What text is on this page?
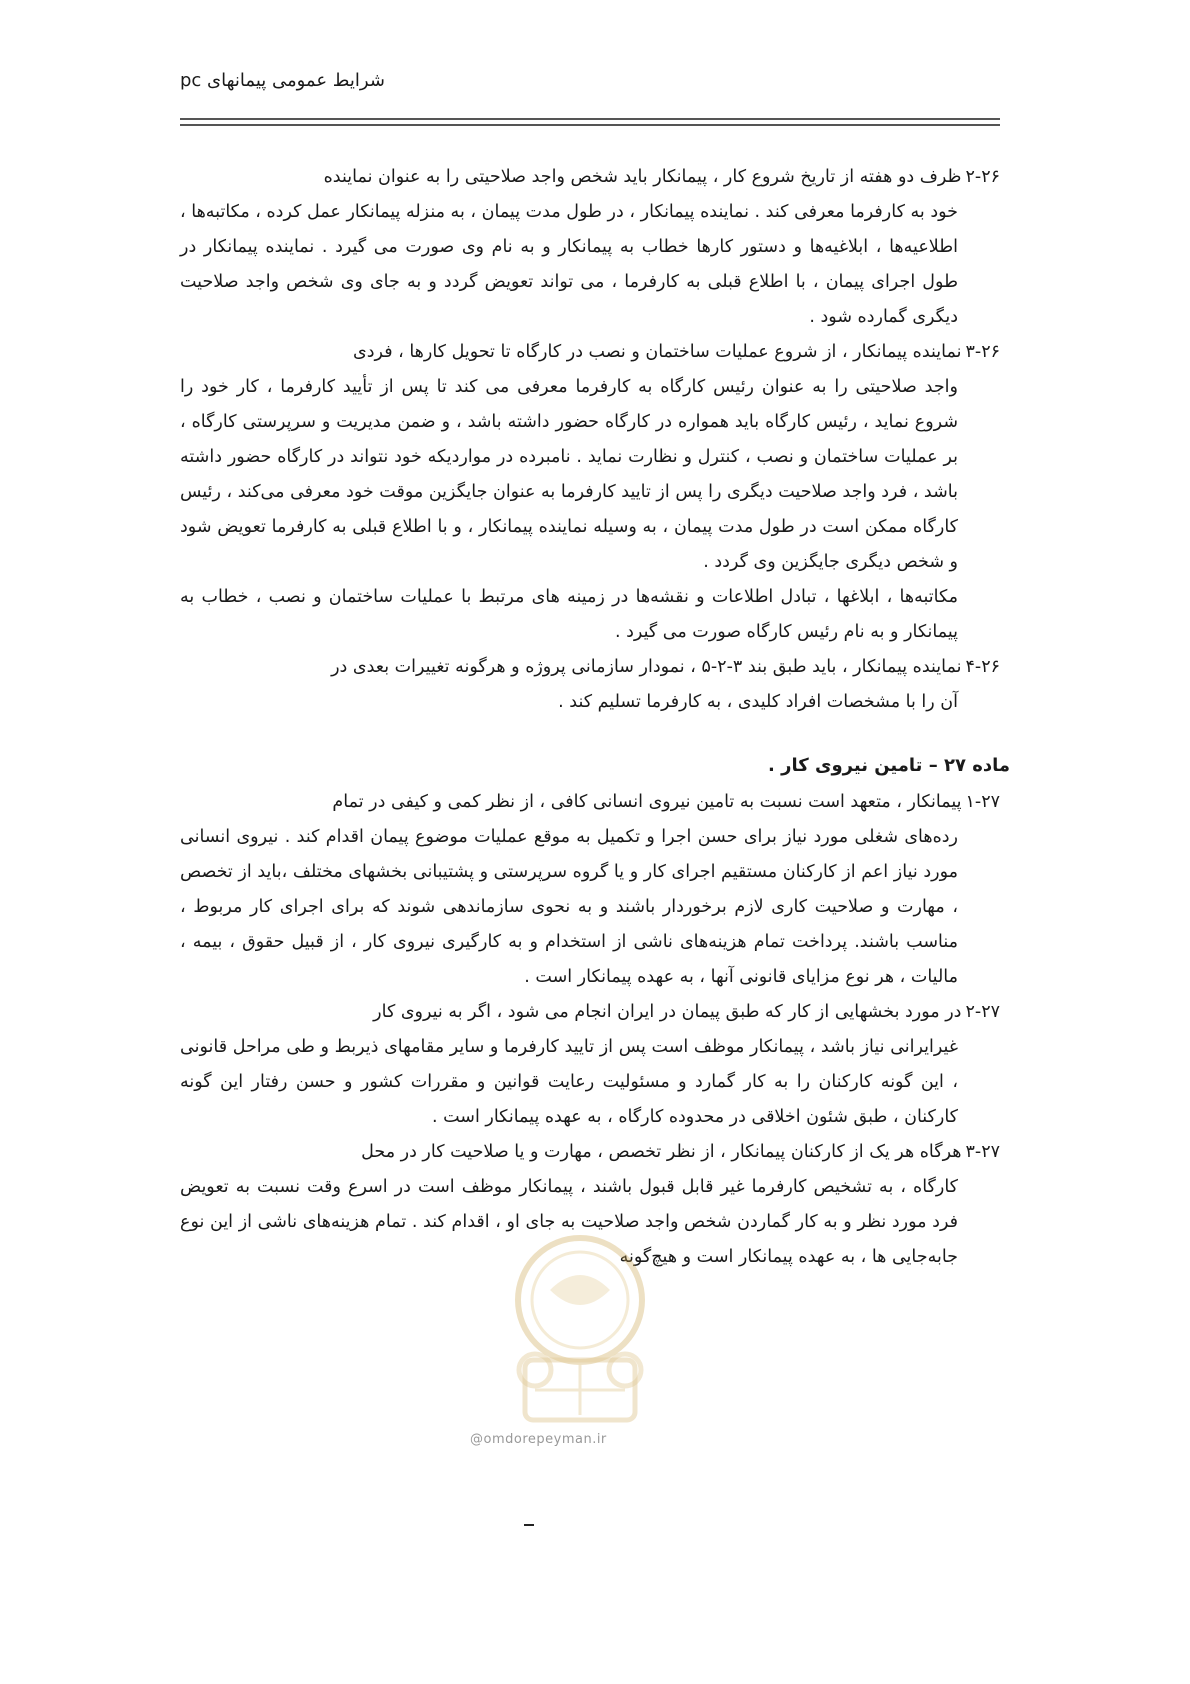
شرایط عمومی پیمانهای pc
۲-۲۶
ظرف دو هفته از تاریخ شروع کار ، پیمانکار باید شخص واجد صلاحیتی را به عنوان نماینده
خود به کارفرما معرفی کند . نماینده پیمانکار ، در طول مدت پیمان ، به منزله پیمانکار عمل کرده ، مکاتبه‌ها ، اطلاعیه‌ها ، ابلاغیه‌ها و دستور کارها خطاب به پیمانکار و به نام وی صورت می گیرد . نماینده پیمانکار در طول اجرای پیمان ، با اطلاع قبلی به کارفرما ، می تواند تعویض گردد و به جای وی شخص واجد صلاحیت دیگری گمارده شود .
۳-۲۶
نماینده پیمانکار ، از شروع عملیات ساختمان و نصب در کارگاه تا تحویل کارها ، فردی
واجد صلاحیتی را به عنوان رئیس کارگاه به کارفرما معرفی می کند تا پس از تأیید کارفرما ، کار خود را شروع نماید ، رئیس کارگاه باید همواره در کارگاه حضور داشته باشد ، و ضمن مدیریت و سرپرستی کارگاه ، بر عملیات ساختمان و نصب ، کنترل و نظارت نماید . نامبرده در مواردیکه خود نتواند در کارگاه حضور داشته باشد ، فرد واجد صلاحیت دیگری را پس از تایید کارفرما به عنوان جایگزین موقت خود معرفی می‌کند ، رئیس کارگاه ممکن است در طول مدت پیمان ، به وسیله نماینده پیمانکار ، و با اطلاع قبلی به کارفرما تعویض شود و شخص دیگری جایگزین وی گردد .
مکاتبه‌ها ، ابلاغها ، تبادل اطلاعات و نقشه‌ها در زمینه های مرتبط با عملیات ساختمان و نصب ، خطاب به پیمانکار و به نام رئیس کارگاه صورت می گیرد .
۴-۲۶
نماینده پیمانکار ، باید طبق بند ۳-۲-۵ ، نمودار سازمانی پروژه و هرگونه تغییرات بعدی در
آن را با مشخصات افراد کلیدی ، به کارفرما تسلیم کند .
ماده ۲۷ – تامین نیروی کار .
۱-۲۷
پیمانکار ، متعهد است نسبت به تامین نیروی انسانی کافی ، از نظر کمی و کیفی در تمام
رده‌های شغلی مورد نیاز برای حسن اجرا و تکمیل به موقع عملیات موضوع پیمان اقدام کند . نیروی انسانی مورد نیاز اعم از کارکنان مستقیم اجرای کار و یا گروه سرپرستی و پشتیبانی بخشهای مختلف ،باید از تخصص ، مهارت و صلاحیت کاری لازم برخوردار باشند و به نحوی سازماندهی شوند که برای اجرای کار مربوط ، مناسب باشند. پرداخت تمام هزینه‌های ناشی از استخدام و به کارگیری نیروی کار ، از قبیل حقوق ، بیمه ، مالیات ، هر نوع مزایای قانونی آنها ، به عهده پیمانکار است .
۲-۲۷
در مورد بخشهایی از کار که طبق پیمان در ایران انجام می شود ، اگر به نیروی کار
غیرایرانی نیاز باشد ، پیمانکار موظف است پس از تایید کارفرما و سایر مقامهای ذیربط و طی مراحل قانونی ، این گونه کارکنان را به کار گمارد و مسئولیت رعایت قوانین و مقررات کشور و حسن رفتار این گونه کارکنان ، طبق شئون اخلاقی در محدوده کارگاه ، به عهده پیمانکار است .
۳-۲۷
هرگاه هر یک از کارکنان پیمانکار ، از نظر تخصص ، مهارت و یا صلاحیت کار در محل
کارگاه ، به تشخیص کارفرما غیر قابل قبول باشند ، پیمانکار موظف است در اسرع وقت نسبت به تعویض فرد مورد نظر و به کار گماردن شخص واجد صلاحیت به جای او ، اقدام کند . تمام هزینه‌های ناشی از این نوع جابه‌جایی ها ، به عهده پیمانکار است و هیچ‌گونه
@omdorepeyman.ir
